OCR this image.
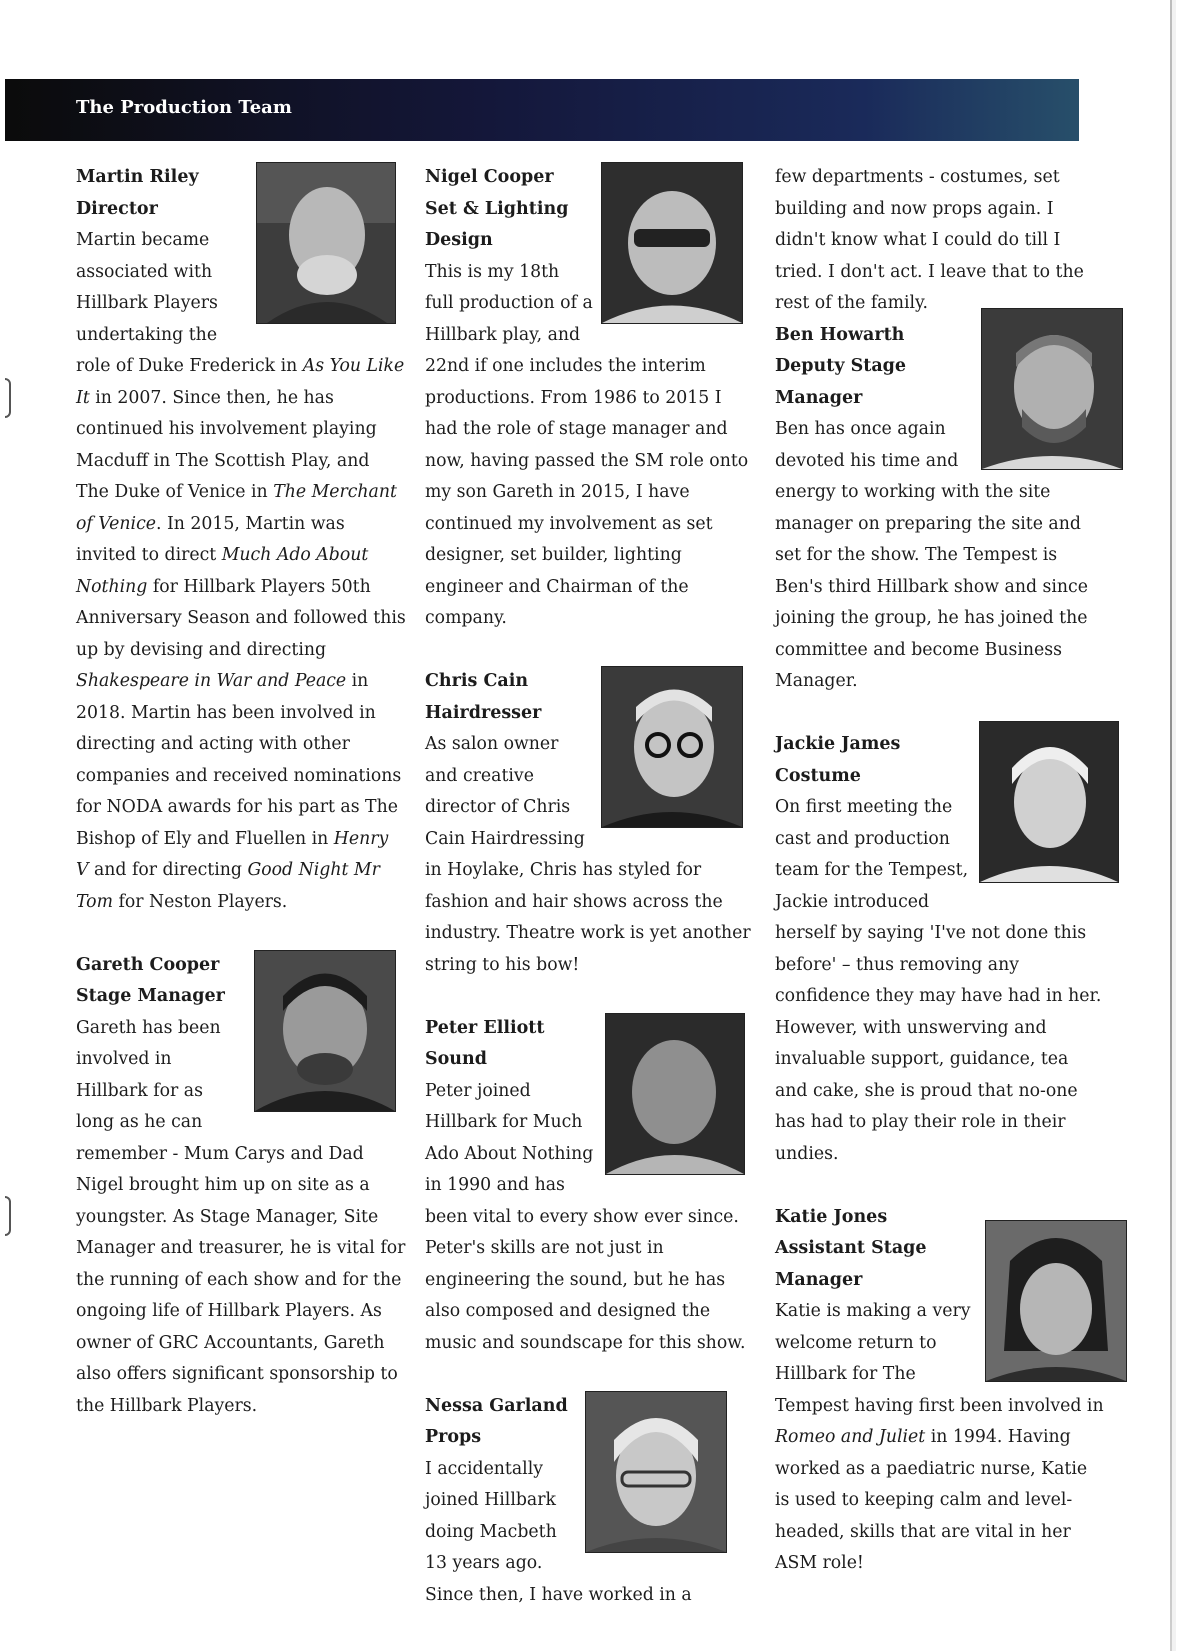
The Production Team
Martin Riley
Director

Martin became associated with Hillbark Players undertaking the role of Duke Frederick in As You Like It in 2007. Since then, he has continued his involvement playing Macduff in The Scottish Play, and The Duke of Venice in The Merchant of Venice. In 2015, Martin was invited to direct Much Ado About Nothing for Hillbark Players 50th Anniversary Season and followed this up by devising and directing Shakespeare in War and Peace in 2018. Martin has been involved in directing and acting with other companies and received nominations for NODA awards for his part as The Bishop of Ely and Fluellen in Henry V and for directing Good Night Mr Tom for Neston Players.

Gareth Cooper
Stage Manager

Gareth has been involved in Hillbark for as long as he can remember - Mum Carys and Dad Nigel brought him up on site as a youngster. As Stage Manager, Site Manager and treasurer, he is vital for the running of each show and for the ongoing life of Hillbark Players. As owner of GRC Accountants, Gareth also offers significant sponsorship to the Hillbark Players.

Nigel Cooper
Set & Lighting Design

This is my 18th full production of a Hillbark play, and 22nd if one includes the interim productions. From 1986 to 2015 I had the role of stage manager and now, having passed the SM role onto my son Gareth in 2015, I have continued my involvement as set designer, set builder, lighting engineer and Chairman of the company.

Chris Cain
Hairdresser

As salon owner and creative director of Chris Cain Hairdressing in Hoylake, Chris has styled for fashion and hair shows across the industry. Theatre work is yet another string to his bow!

Peter Elliott
Sound

Peter joined Hillbark for Much Ado About Nothing in 1990 and has been vital to every show ever since. Peter's skills are not just in engineering the sound, but he has also composed and designed the music and soundscape for this show.

Nessa Garland
Props

I accidentally joined Hillbark doing Macbeth 13 years ago. Since then, I have worked in a

few departments - costumes, set building and now props again. I didn't know what I could do till I tried. I don't act. I leave that to the rest of the family.

Ben Howarth
Deputy Stage Manager

Ben has once again devoted his time and energy to working with the site manager on preparing the site and set for the show. The Tempest is Ben's third Hillbark show and since joining the group, he has joined the committee and become Business Manager.

Jackie James
Costume

On first meeting the cast and production team for the Tempest, Jackie introduced herself by saying 'I've not done this before' – thus removing any confidence they may have had in her. However, with unswerving and invaluable support, guidance, tea and cake, she is proud that no-one has had to play their role in their undies.

Katie Jones
Assistant Stage Manager

Katie is making a very welcome return to Hillbark for The Tempest having first been involved in Romeo and Juliet in 1994. Having worked as a paediatric nurse, Katie is used to keeping calm and level-headed, skills that are vital in her ASM role!
